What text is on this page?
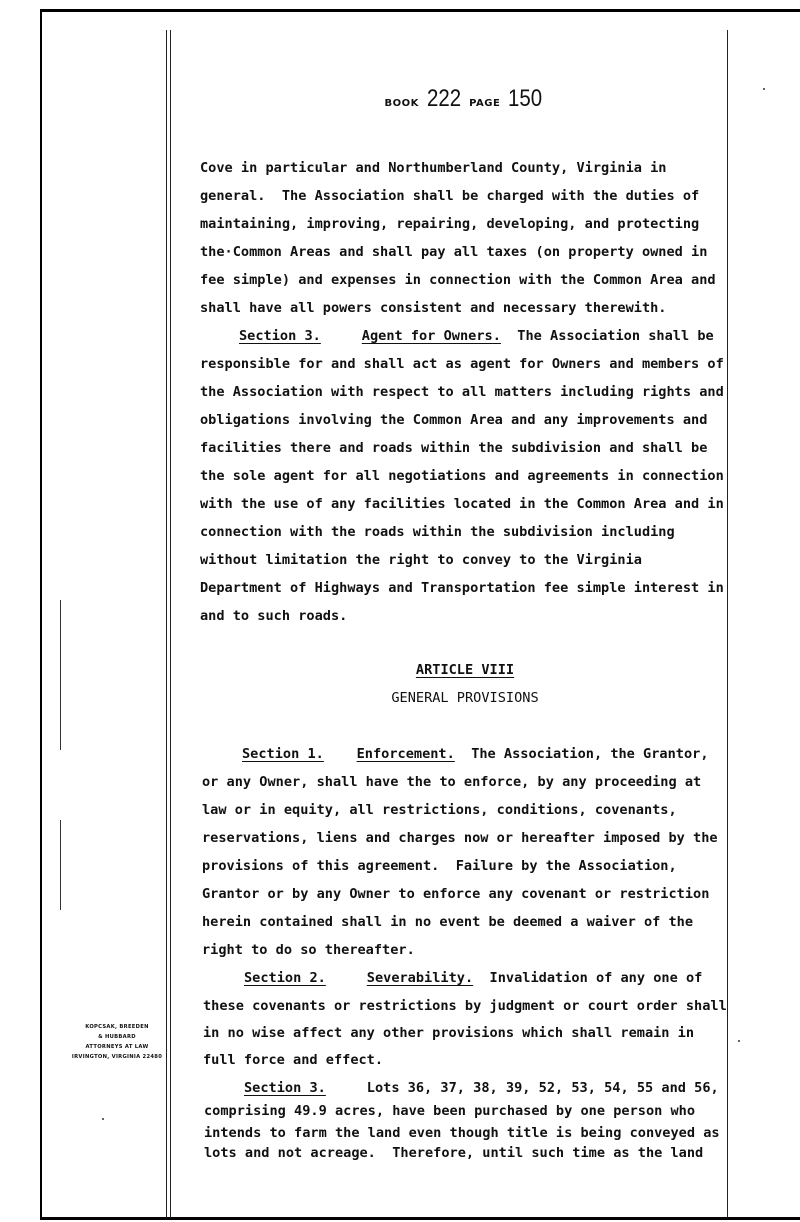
BOOK 222 PAGE 150
Cove in particular and Northumberland County, Virginia in
general.  The Association shall be charged with the duties of
maintaining, improving, repairing, developing, and protecting
the·Common Areas and shall pay all taxes (on property owned in
fee simple) and expenses in connection with the Common Area and
shall have all powers consistent and necessary therewith.
Section 3.	Agent for Owners. The Association shall be
responsible for and shall act as agent for Owners and members of
the Association with respect to all matters including rights and
obligations involving the Common Area and any improvements and
facilities there and roads within the subdivision and shall be
the sole agent for all negotiations and agreements in connection
with the use of any facilities located in the Common Area and in
connection with the roads within the subdivision including
without limitation the right to convey to the Virginia
Department of Highways and Transportation fee simple interest in
and to such roads.
ARTICLE VIII
GENERAL PROVISIONS
Section 1. Enforcement. The Association, the Grantor,
or any Owner, shall have the to enforce, by any proceeding at
law or in equity, all restrictions, conditions, covenants,
reservations, liens and charges now or hereafter imposed by the
provisions of this agreement.  Failure by the Association,
Grantor or by any Owner to enforce any covenant or restriction
herein contained shall in no event be deemed a waiver of the
right to do so thereafter.
Section 2.	Severability. Invalidation of any one of
these covenants or restrictions by judgment or court order shall
in no wise affect any other provisions which shall remain in
full force and effect.
Section 3.	Lots 36, 37, 38, 39, 52, 53, 54, 55 and 56,
comprising 49.9 acres, have been purchased by one person who
intends to farm the land even though title is being conveyed as
lots and not acreage.  Therefore, until such time as the land
KOPCSAK, BREEDEN
& HUBBARD
ATTORNEYS AT LAW
IRVINGTON, VIRGINIA 22480
